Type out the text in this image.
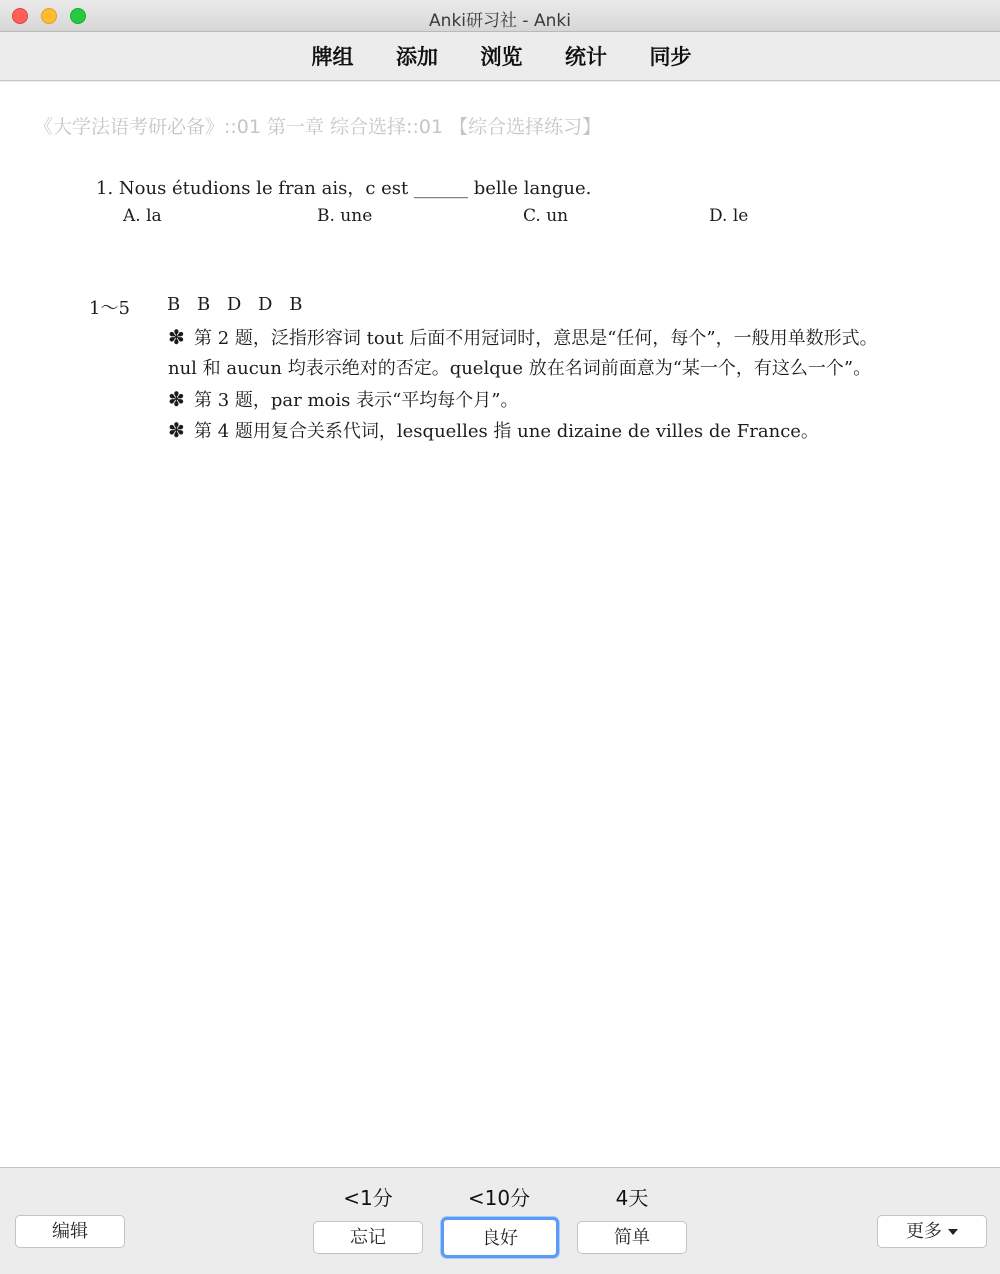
Anki研习社 - Anki
牌组	添加	浏览	统计	同步
《大学法语考研必备》::01 第一章 综合选择::01 【综合选择练习】
1. Nous étudions le fran ais，c est ______ belle langue.
A. la	B. une	C. un	D. le
1～5 B B D D B
✽ 第 2 题，泛指形容词 tout 后面不用冠词时，意思是“任何，每个”，一般用单数形式。
nul 和 aucun 均表示绝对的否定。quelque 放在名词前面意为“某一个，有这么一个”。
✽ 第 3 题，par mois 表示“平均每个月”。
✽ 第 4 题用复合关系代词，lesquelles 指 une dizaine de villes de France。
编辑
<1分	<10分	4天
忘记	良好	简单	更多
